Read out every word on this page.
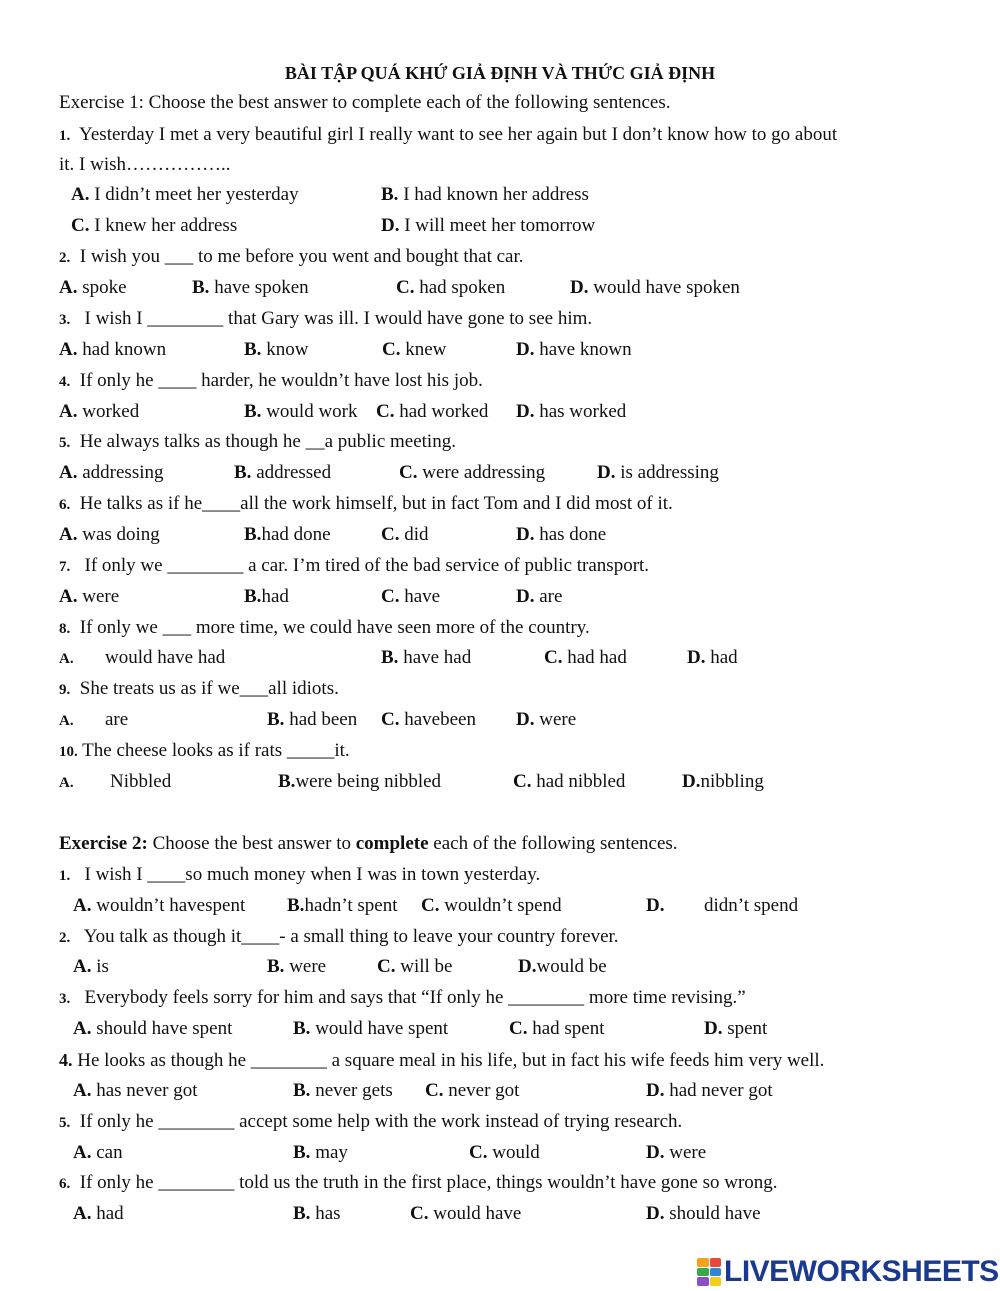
BÀI TẬP QUÁ KHỨ GIẢ ĐỊNH VÀ THỨC GIẢ ĐỊNH
Exercise 1: Choose the best answer to complete each of the following sentences.
1. Yesterday I met a very beautiful girl I really want to see her again but I don’t know how to go about
it. I wish……………..
A. I didn’t meet her yesterday	B. I had known her address
C. I knew her address	D. I will meet her tomorrow
2. I wish you ___ to me before you went and bought that car.
A. spoke	B. have spoken	C. had spoken	D. would have spoken
3. I wish I ________ that Gary was ill. I would have gone to see him.
A. had known	B. know	C. knew	D. have known
4. If only he ____ harder, he wouldn’t have lost his job.
A. worked	B. would work C. had worked D. has worked
5. He always talks as though he __a public meeting.
A. addressing	B. addressed	C. were addressing	D. is addressing
6. He talks as if he____all the work himself, but in fact Tom and I did most of it.
A. was doing	B.had done	C. did	D. has done
7. If only we ________ a car. I’m tired of the bad service of public transport.
A. were	B.had	C. have	D. are
8. If only we ___ more time, we could have seen more of the country.
A. would have had	B. have had	C. had had	D. had
9. She treats us as if we___all idiots.
A. are	B. had been C. havebeen D. were
10. The cheese looks as if rats _____it.
A. Nibbled	B.were being nibbled	C. had nibbled	D.nibbling
Exercise 2: Choose the best answer to complete each of the following sentences.
1. I wish I ____so much money when I was in town yesterday.
A. wouldn’t havespent B.hadn’t spent C. wouldn’t spend	D. didn’t spend
2. You talk as though it____- a small thing to leave your country forever.
A. is	B. were	C. will be	D.would be
3. Everybody feels sorry for him and says that “If only he ________ more time revising.”
A. should have spent	B. would have spent	C. had spent	D. spent
4. He looks as though he ________ a square meal in his life, but in fact his wife feeds him very well.
A. has never got	B. never gets C. never got	D. had never got
5. If only he ________ accept some help with the work instead of trying research.
A. can	B. may	C. would	D. were
6. If only he ________ told us the truth in the first place, things wouldn’t have gone so wrong.
A. had	B. has	C. would have	D. should have
LIVEWORKSHEETS
